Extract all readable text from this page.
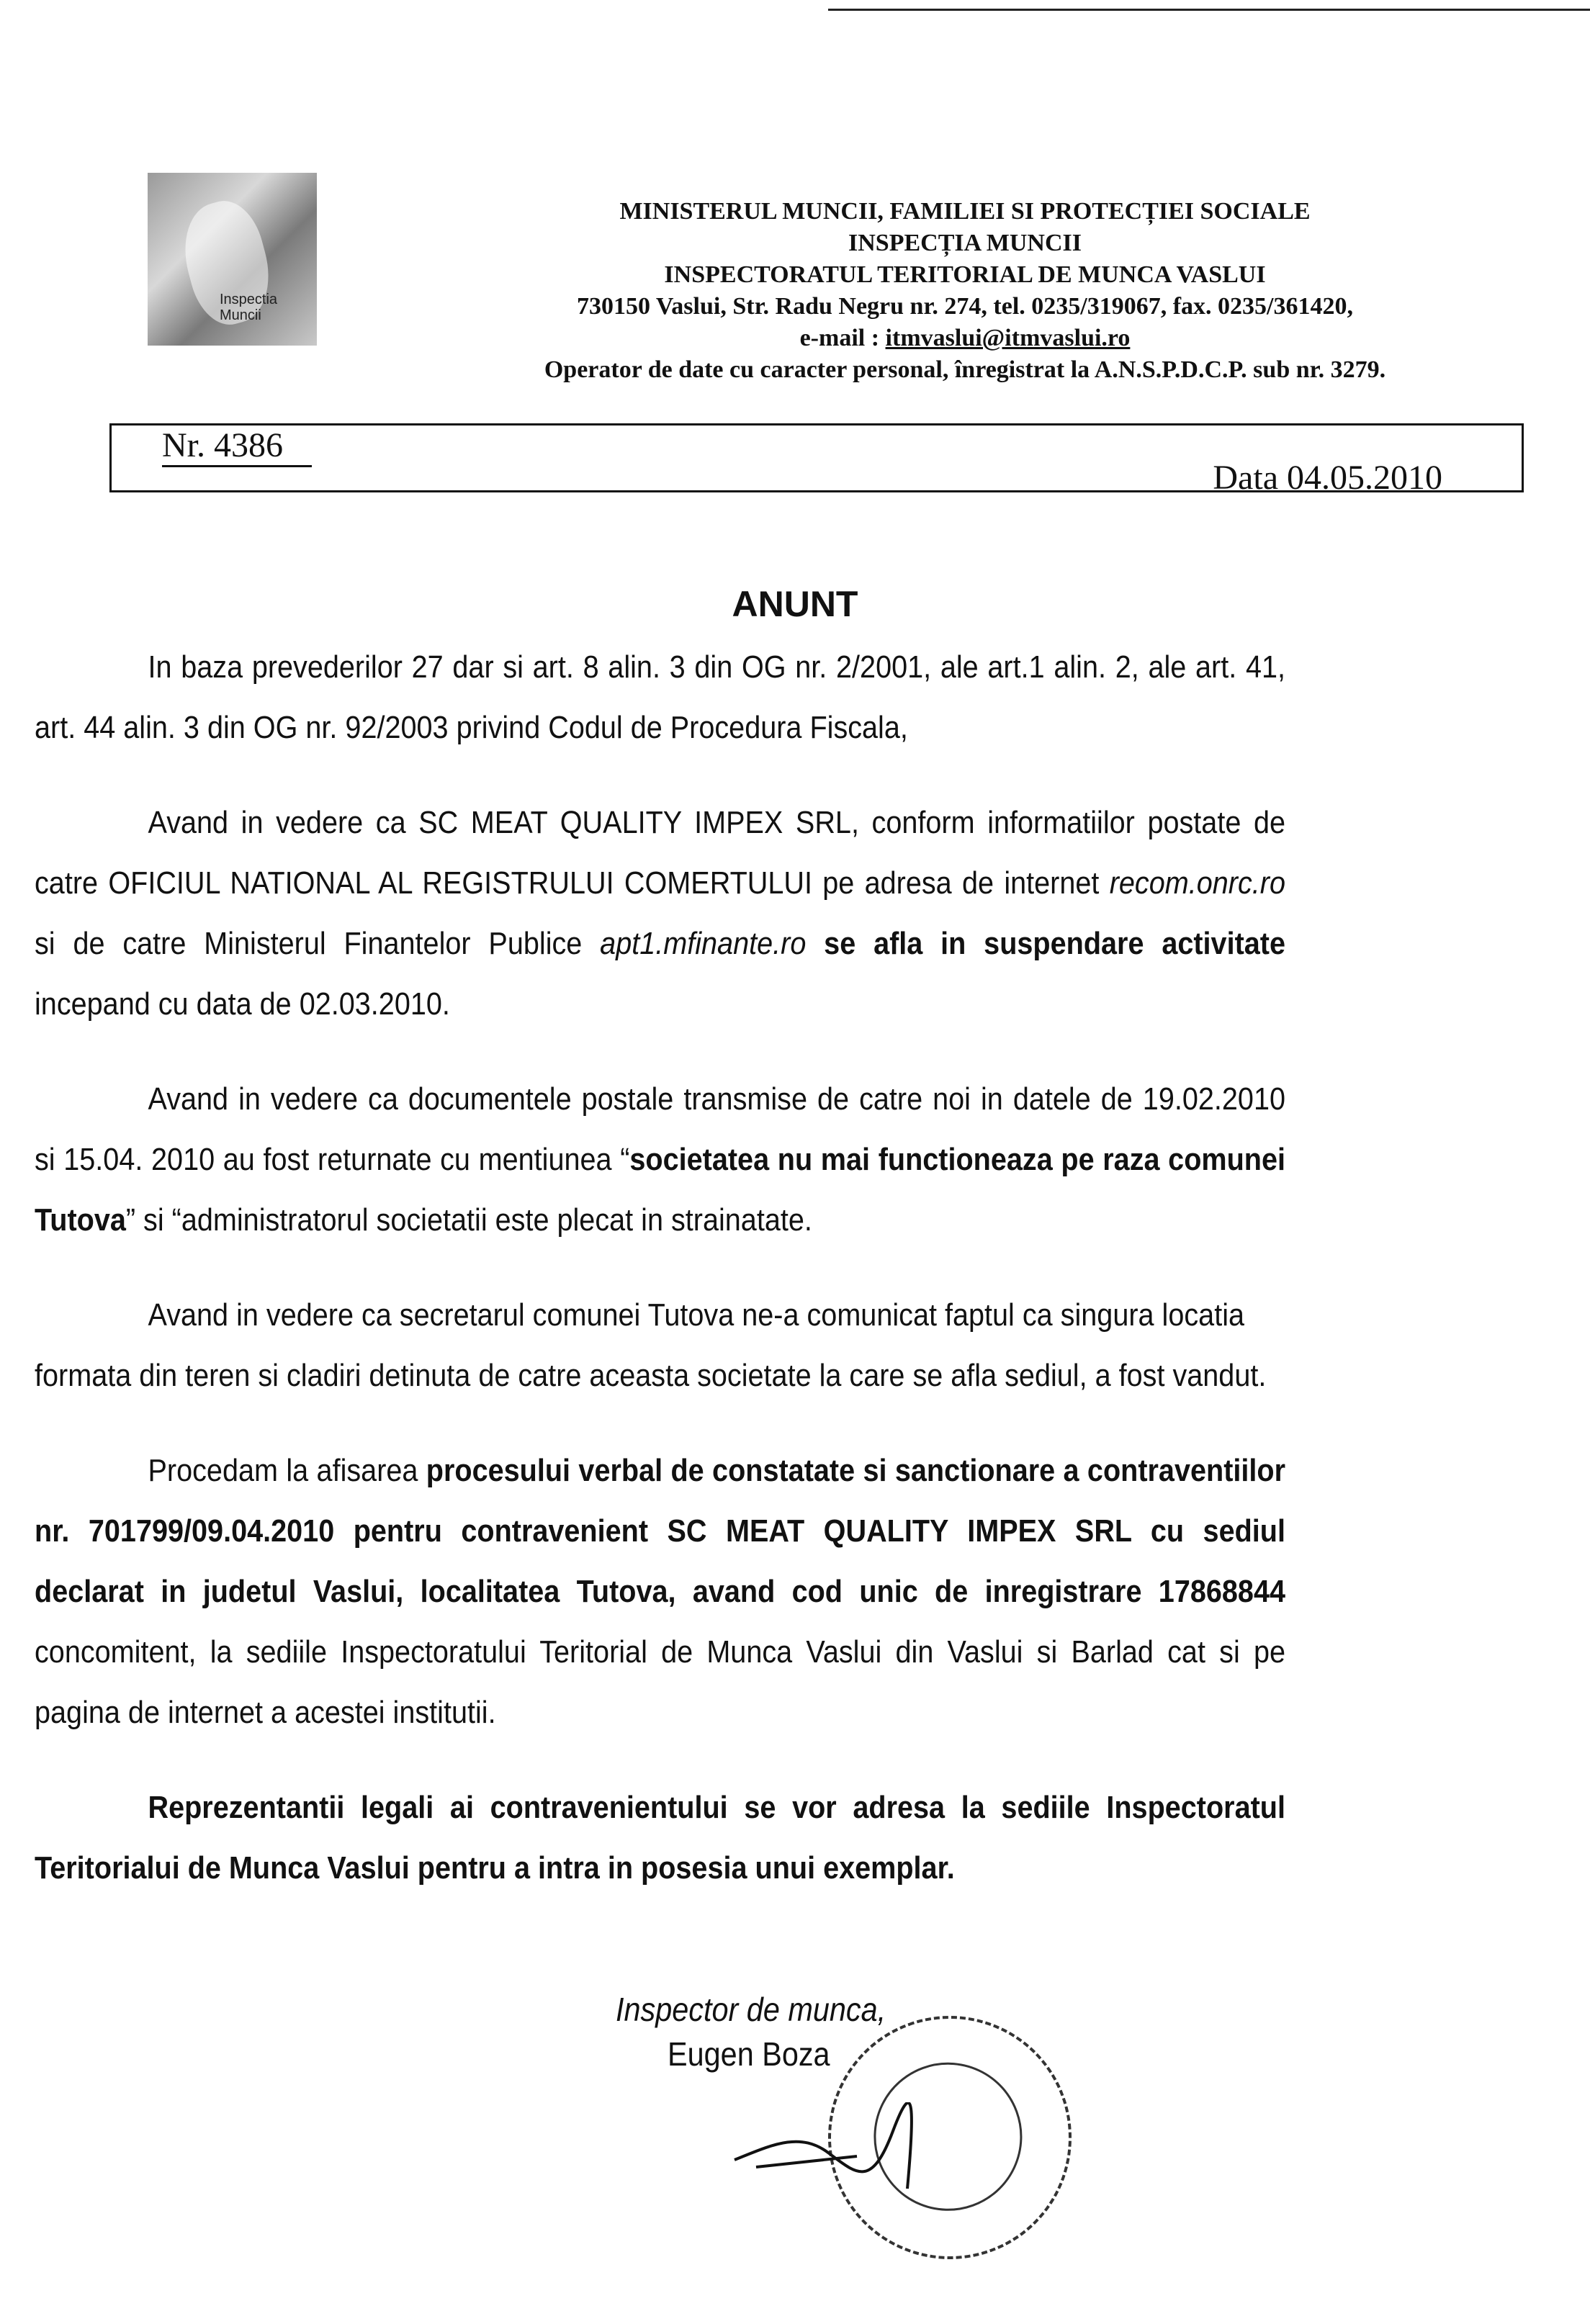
Inspectia
Muncii
MINISTERUL MUNCII, FAMILIEI SI PROTECȚIEI SOCIALE
INSPECȚIA MUNCII
INSPECTORATUL TERITORIAL DE MUNCA VASLUI
730150 Vaslui, Str. Radu Negru nr. 274, tel. 0235/319067, fax. 0235/361420,
e-mail : itmvaslui@itmvaslui.ro
Operator de date cu caracter personal, înregistrat la A.N.S.P.D.C.P. sub nr. 3279.
Nr. 4386
Data 04.05.2010
ANUNT

In baza prevederilor 27 dar si art. 8 alin. 3 din OG nr. 2/2001, ale art.1 alin. 2, ale art. 41, art. 44 alin. 3 din OG nr. 92/2003 privind Codul de Procedura Fiscala,

Avand in vedere ca SC MEAT QUALITY IMPEX SRL, conform informatiilor postate de catre OFICIUL NATIONAL AL REGISTRULUI COMERTULUI pe adresa de internet recom.onrc.ro si de catre Ministerul Finantelor Publice apt1.mfinante.ro se afla in suspendare activitate incepand cu data de 02.03.2010.

Avand in vedere ca documentele postale transmise de catre noi in datele de 19.02.2010 si 15.04. 2010 au fost returnate cu mentiunea “societatea nu mai functioneaza pe raza comunei Tutova” si “administratorul societatii este plecat in strainatate.

Avand in vedere ca secretarul comunei Tutova ne-a comunicat faptul ca singura locatia formata din teren si cladiri detinuta de catre aceasta societate la care se afla sediul, a fost vandut.

Procedam la afisarea procesului verbal de constatate si sanctionare a contraventiilor nr. 701799/09.04.2010 pentru contravenient SC MEAT QUALITY IMPEX SRL cu sediul declarat in judetul Vaslui, localitatea Tutova, avand cod unic de inregistrare 17868844 concomitent, la sediile Inspectoratului Teritorial de Munca Vaslui din Vaslui si Barlad cat si pe pagina de internet a acestei institutii.

Reprezentantii legali ai contravenientului se vor adresa la sediile Inspectoratul Teritorialui de Munca Vaslui pentru a intra in posesia unui exemplar.

Inspector de munca,
Eugen Boza
